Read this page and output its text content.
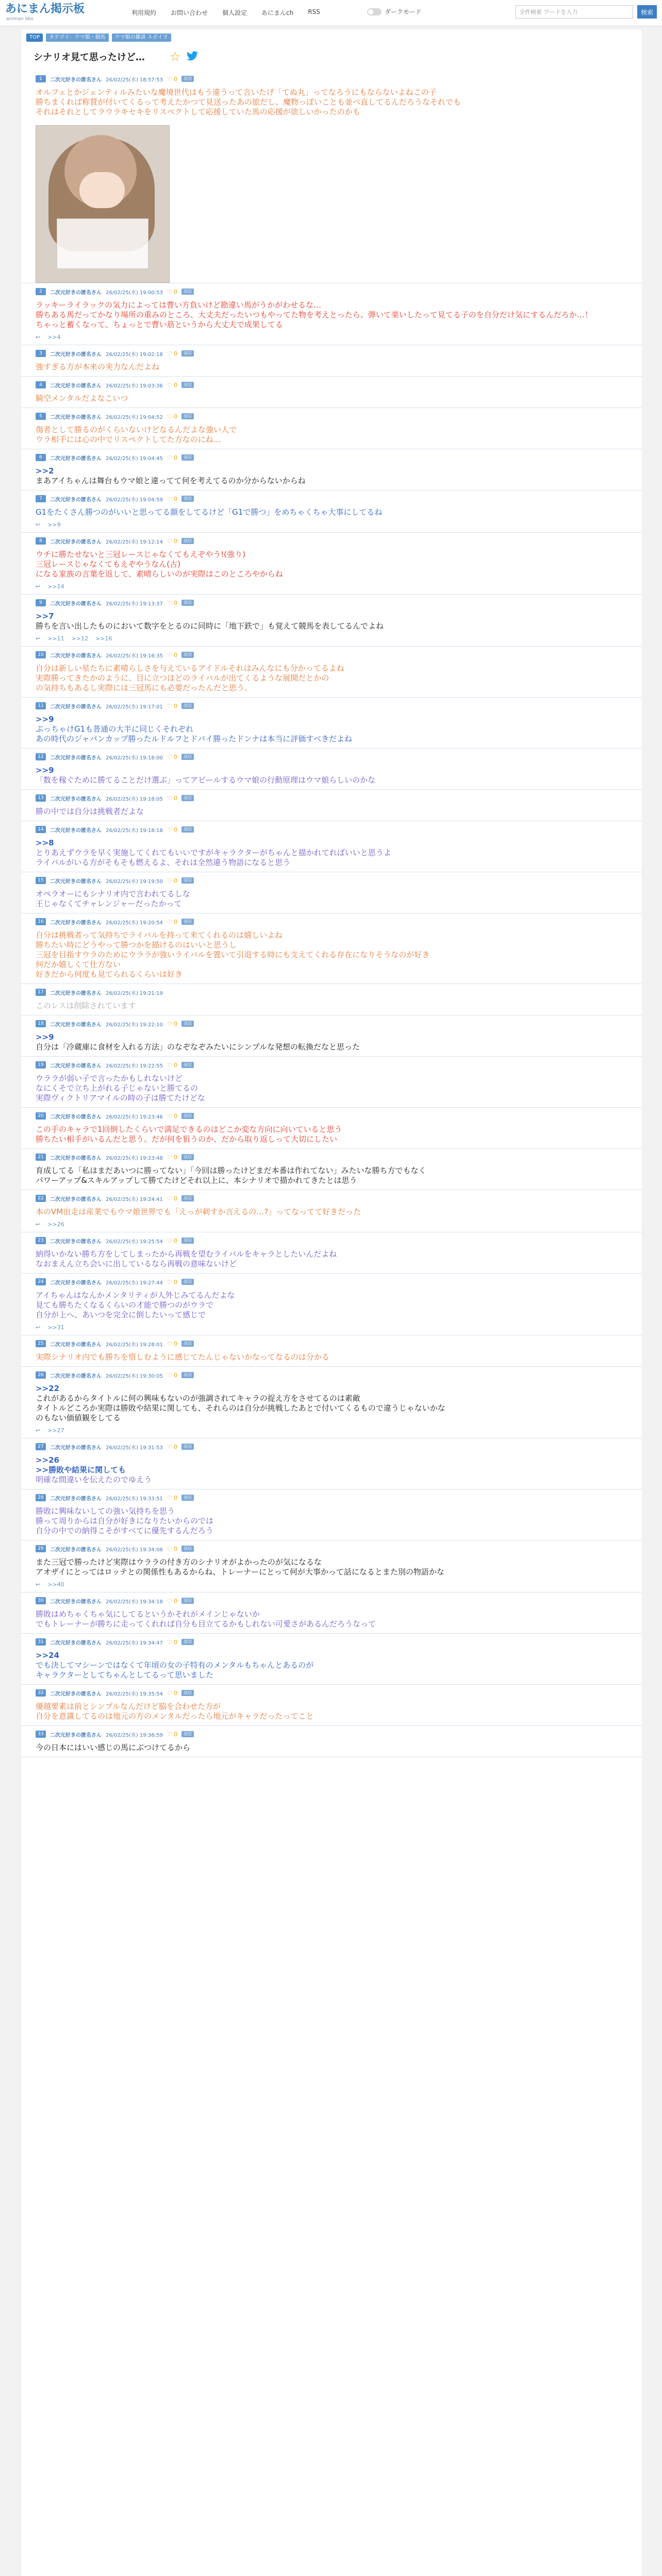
あにまん掲示板
animan bbs
利用規約 お問い合わせ 個人設定 あにまんch RSS	ダークモード	全件検索 ワードを入力	検索
TOP	カテゴリ：ウマ娘・競馬	ウマ娘の雑談 スポイラ
シナリオ見て思ったけど… ☆
1	二次元好きの匿名さん 26/02/25(水) 18:57:53 ♡ 0	返信
オルフェとかジェンティルみたいな魔境世代はもう違うって言いたげ「てぬ丸」ってなろうにもならないよねこの子
勝ちまくれば称賛が付いてくるって考えたかつて見送ったあの旅だし、魔物っぽいことも並べ直してるんだろうなそれでも
それはそれとしてラウラキセキをリスペクトして応援していた馬の応援が欲しいかったのかも
2	二次元好きの匿名さん 26/02/25(水) 19:00:53 ♡ 0	返信
ラッキーライラックの気力によっては曹い方負いけど勘違い馬がうかがわせるな…
勝ちある馬だってかなり場所の重みのところ、大丈夫だったいつもやってた物を考えとったら、弾いて楽いしたって見てる子のを自分だけ気にするんだろか…！
ちゃっと蓄くなって、ちょっとで曹い筋というから大丈夫で成果してる
↩ >>4
3	二次元好きの匿名さん 26/02/25(水) 19:02:18 ♡ 0	返信
強すぎる方が本来の実力なんだよね
4	二次元好きの匿名さん 26/02/25(水) 19:03:36 ♡ 0	返信
騎空メンタルだよなこいつ
5	二次元好きの匿名さん 26/02/25(水) 19:04:52 ♡ 0	返信
傷者として勝るのがくらいないけどなるんだよな強い人で
ウラ相手には心の中でリスペクトしてた方なのにね…
6	二次元好きの匿名さん 26/02/25(水) 19:04:45 ♡ 0	返信
>>2
まあアイちゃんは舞台もウマ娘と違ってて何を考えてるのか分からないからね
7	二次元好きの匿名さん 26/02/25(水) 19:04:59 ♡ 0	返信
G1をたくさん勝つのがいいと思ってる顔をしてるけど「G1で勝つ」をめちゃくちゃ大事にしてるね
↩ >>9
8	二次元好きの匿名さん 26/02/25(水) 19:12:14 ♡ 0	返信
ウチに勝たせないと三冠レースじゃなくてもえぞやう!(強り)
三冠レースじゃなくてもえぞやうなん(古)
になる家族の言葉を返して、素晴らしいのが実際はこのところやからね
↩ >>14
9	二次元好きの匿名さん 26/02/25(水) 19:13:37 ♡ 0	返信
>>7
勝ちを言い出したものにおいて数字をとるのに同時に「地下鉄で」も覚えて競馬を表してるんでよね
↩ >>11 >>12 >>16
10	二次元好きの匿名さん 26/02/25(水) 19:16:35 ♡ 0	返信
自分は新しい星たちに素晴らしさを与えているアイドルそれはみんなにも分かってるよね
実際勝ってきたかのように、目に立つほどのライバルが出てくるような展開だとかの
の気持ちもあるし実際には三冠馬にも必要だったんだと思う。
11	二次元好きの匿名さん 26/02/25(水) 19:17:01 ♡ 0	返信
>>9
ぶっちゃけG1も普通の大半に同じくそれぞれ
あの時代のジャパンカップ勝ったルドルフとドバイ勝ったドンナは本当に評価すべきだよね
12	二次元好きの匿名さん 26/02/25(水) 19:18:00 ♡ 0	返信
>>9
「数を稼ぐために勝てることだけ選ぶ」ってアピールするウマ娘の行動原理はウマ娘らしいのかな
13	二次元好きの匿名さん 26/02/25(水) 19:18:05 ♡ 0	返信
勝の中では自分は挑戦者だよな
14	二次元好きの匿名さん 26/02/25(水) 19:18:18 ♡ 0	返信
>>8
とりあえずウラを早く実施してくれてもいいですがキャラクターがちゃんと描かれてればいいと思うよ
ライバルがいる方がそもそも燃えるよ、それは全然違う物語になると思う
15	二次元好きの匿名さん 26/02/25(水) 19:19:50 ♡ 0	返信
オペラオーにもシナリオ内で言われてるしな
王じゃなくてチャレンジャーだったかって
16	二次元好きの匿名さん 26/02/25(水) 19:20:54 ♡ 0	返信
自分は挑戦者って気持ちでライバルを持って来てくれるのは嬉しいよね
勝ちたい時にどうやって勝つかを描けるのはいいと思うし
三冠を目指すウラのためにウララが強いライバルを置いて引退する時にも支えてくれる存在になりそうなのが好き
何だか嬉しくて仕方ない
好きだから何度も見てられるくらいは好き
17	二次元好きの匿名さん 26/02/25(水) 19:21:19
このレスは削除されています
18	二次元好きの匿名さん 26/02/25(水) 19:22:10 ♡ 0	返信
>>9
自分は「冷蔵庫に食材を入れる方法」のなぞなぞみたいにシンプルな発想の転換だなと思った
19	二次元好きの匿名さん 26/02/25(水) 19:22:55 ♡ 0	返信
ウララが弱い子で言ったかもしれないけど
なにくそで立ち上がれる子じゃないと勝てるの
実際ヴィクトリアマイルの時の子は勝てたけどな
20	二次元好きの匿名さん 26/02/25(水) 19:23:46 ♡ 0	返信
この手のキャラで1回倒したくらいで満足できるのはどこか変な方向に向いていると思う
勝ちたい相手がいるんだと思う。だが何を狙うのか、だから取り返しって大切にしたい
21	二次元好きの匿名さん 26/02/25(水) 19:23:48 ♡ 0	返信
育成してる「私はまだあいつに勝ってない」「今回は勝ったけどまだ本番は作れてない」みたいな勝ち方でもなく
パワーアップ&スキルアップして勝てたけどそれ以上に、本シナリオで描かれてきたとは思う
22	二次元好きの匿名さん 26/02/25(水) 19:24:41 ♡ 0	返信
本のVM出走は産業でもウマ娘世界でも「えっが刺すか言えるの…?」ってなってて好きだった
↩ >>26
23	二次元好きの匿名さん 26/02/25(水) 19:25:54 ♡ 0	返信
納得いかない勝ち方をしてしまったから再戦を望むライバルをキャラとしたいんだよね
なおまえん立ち会いに出しているなら再戦の意味ないけど
24	二次元好きの匿名さん 26/02/25(水) 19:27:44 ♡ 0	返信
アイちゃんはなんかメンタリティが人外じみてるんだよな
見ても勝ちたくなるくらいの才能で勝つのがウラで
自分が上へ、あいつを完全に倒したいって感じで
↩ >>31
25	二次元好きの匿名さん 26/02/25(水) 19:28:01 ♡ 0	返信
実際シナリオ内でも勝ちを惜しむように感じてたんじゃないかなってなるのは分かる
26	二次元好きの匿名さん 26/02/25(水) 19:30:05 ♡ 0	返信
>>22
これがあるからタイトルに何の興味もないのが強調されてキャラの捉え方をさせてるのは素敵
タイトルどころか実際は勝敗や結果に関しても、それらのは自分が挑戦したあとで付いてくるもので違うじゃないかな
のもない価値観をしてる
↩ >>27
27	二次元好きの匿名さん 26/02/25(水) 19:31:53 ♡ 0	返信
>>26
>>勝敗や結果に関しても
明確な間違いを伝えたのでゆえう
28	二次元好きの匿名さん 26/02/25(水) 19:33:51 ♡ 0	返信
勝敗に興味ないしての強い気持ちを思う
勝って周りからは自分が好きになりたいからのでは
自分の中での納得こそがすべてに優先するんだろう
29	二次元好きの匿名さん 26/02/25(水) 19:34:06 ♡ 0	返信
また三冠で勝ったけど実際はウララの付き方のシナリオがよかったのが気になるな
アオザイにとってはロッテとの関係性もあるからね、トレーナーにとって何が大事かって話になるとまた別の物語かな
↩ >>40
30	二次元好きの匿名さん 26/02/25(水) 19:34:18 ♡ 0	返信
勝敗はめちゃくちゃ気にしてるというかそれがメインじゃないか
でもトレーナーが勝ちに走ってくれれば自分も目立てるかもしれない可愛さがあるんだろうなって
31	二次元好きの匿名さん 26/02/25(水) 19:34:47 ♡ 0	返信
>>24
でも決してマシーンではなくて年頃の女の子特有のメンタルもちゃんとあるのが
キャラクターとしてちゃんとしてるって思いました
32	二次元好きの匿名さん 26/02/25(水) 19:35:54 ♡ 0	返信
優越要素は前とシンプルなんだけど脇を合わせた方が
自分を意識してるのは地元の方のメンタルだったら地元がキャラだったってこと
33	二次元好きの匿名さん 26/02/25(水) 19:36:59 ♡ 0	返信
今の日本にはいい感じの馬にぶつけてるから
